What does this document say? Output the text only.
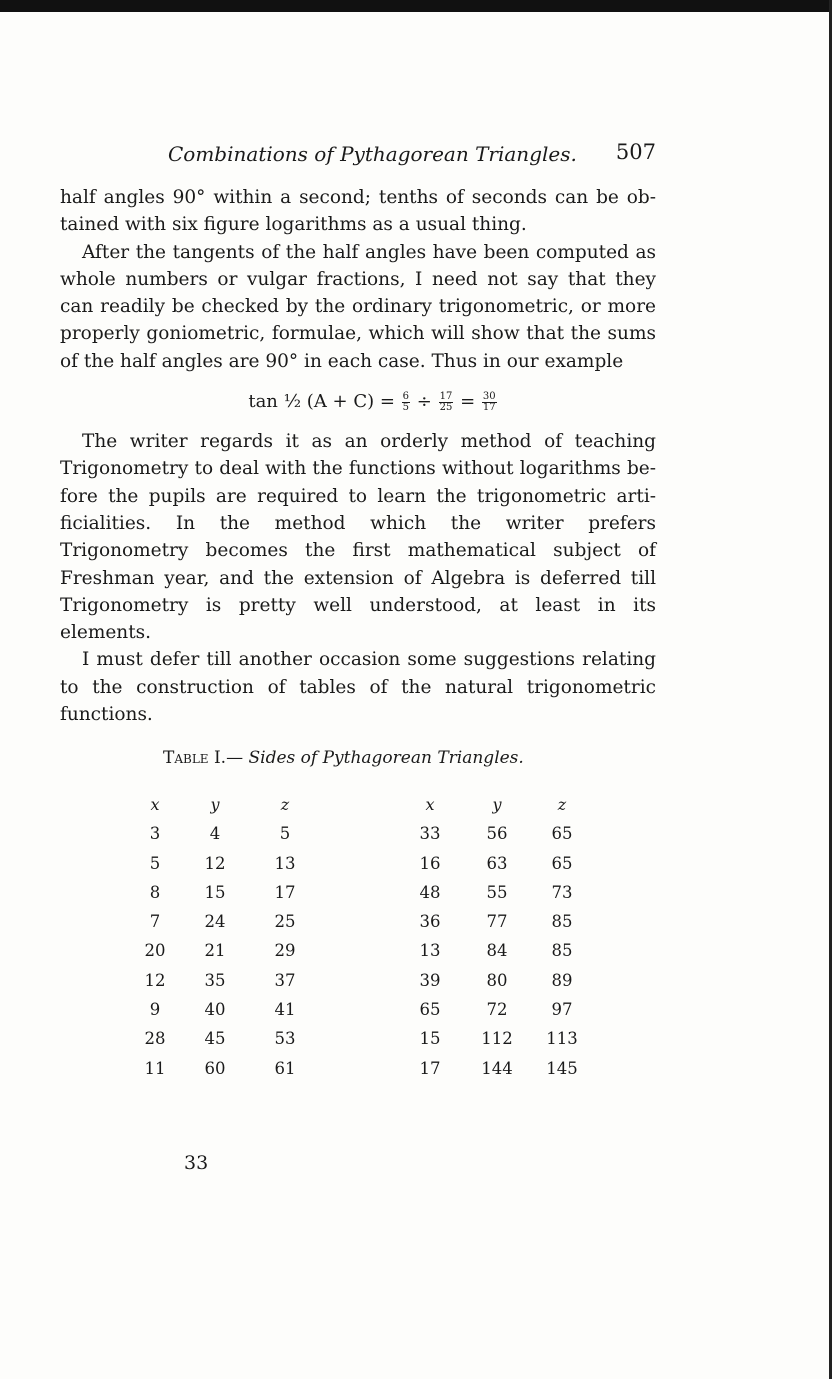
Combinations of Pythagorean Triangles. 507

half angles 90° within a second; tenths of seconds can be ob-tained with six figure logarithms as a usual thing.

After the tangents of the half angles have been computed as whole numbers or vulgar fractions, I need not say that they can readily be checked by the ordinary trigonometric, or more properly goniometric, formulae, which will show that the sums of the half angles are 90° in each case. Thus in our example

tan ½ $(A + C) = \frac{6}{5} \div \frac{17}{25} = \frac{30}{17}$

The writer regards it as an orderly method of teaching Trigonometry to deal with the functions without logarithms be-fore the pupils are required to learn the trigonometric arti-ficialities. In the method which the writer prefers Trigonometry becomes the first mathematical subject of Freshman year, and the extension of Algebra is deferred till Trigonometry is pretty well understood, at least in its elements.

I must defer till another occasion some suggestions relating to the construction of tables of the natural trigonometric functions.

Table I.— Sides of Pythagorean Triangles.
x	y	z	x	y	z
3	4	5	33	56	65
5	12	13	16	63	65
8	15	17	48	55	73
7	24	25	36	77	85
20	21	29	13	84	85
12	35	37	39	80	89
9	40	41	65	72	97
28	45	53	15	112	113
11	60	61	17	144	145
33
